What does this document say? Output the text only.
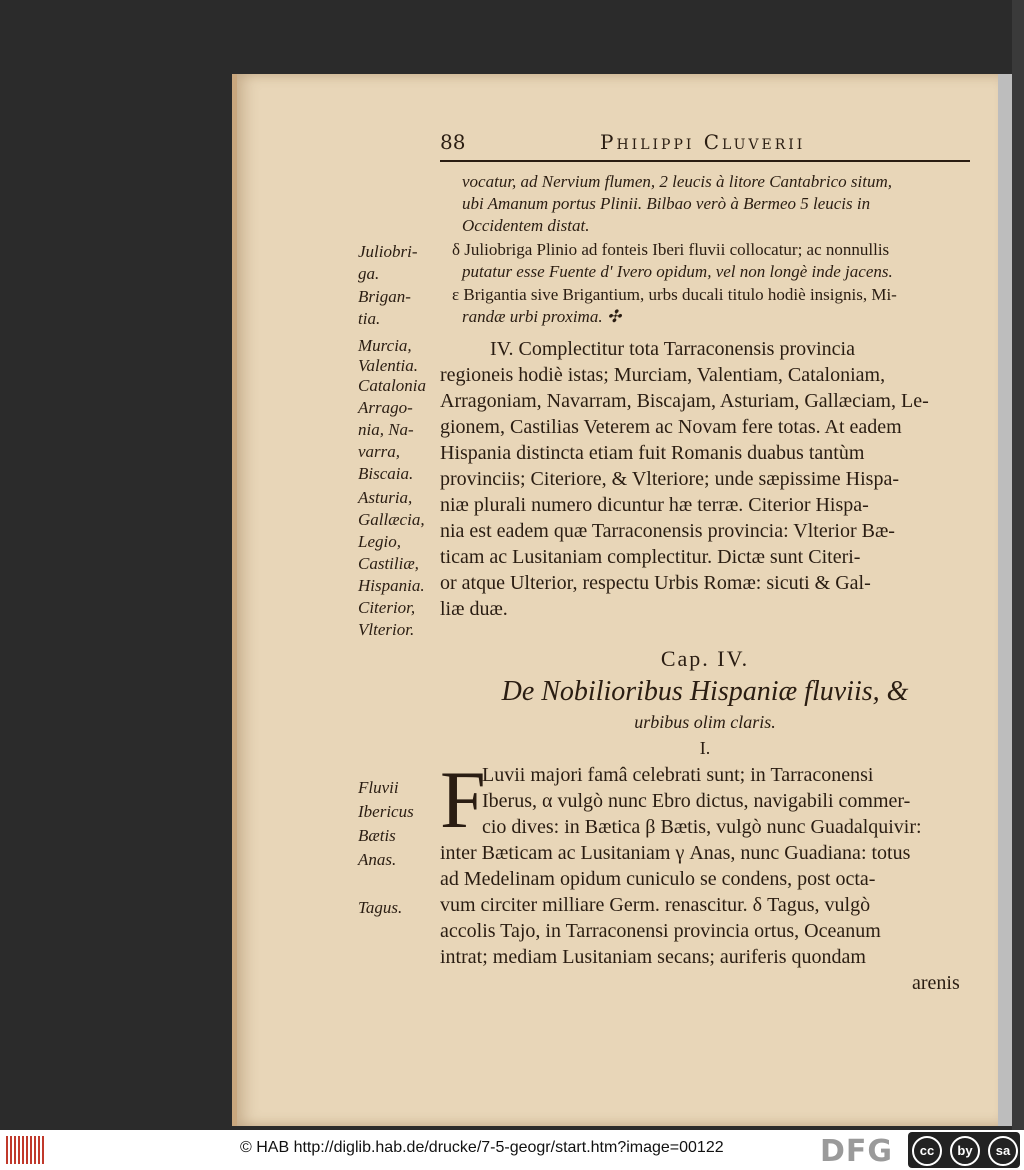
88	Philippi Cluverii
vocatur, ad Nervium flumen, 2 leucis à litore Cantabrico situm,
ubi Amanum portus Plinii. Bilbao verò à Bermeo 5 leucis in
Occidentem distat.
δ Juliobriga Plinio ad fonteis Iberi fluvii collocatur; ac nonnullis
putatur esse Fuente d' Ivero opidum, vel non longè inde jacens.
ε Brigantia sive Brigantium, urbs ducali titulo hodiè insignis, Mi-
randæ urbi proxima. ✣
Juliobri-
ga.
Brigan-
tia.
Murcia,
Valentia.
Catalonia
Arrago-
nia, Na-
varra,
Biscaia.
Asturia,
Gallæcia,
Legio,
Castiliæ,
Hispania.
Citerior,
Vlterior.
IV. Complectitur tota Tarraconensis provincia
regioneis hodiè istas; Murciam, Valentiam, Cataloniam,
Arragoniam, Navarram, Biscajam, Asturiam, Gallæciam, Le-
gionem, Castilias Veterem ac Novam fere totas. At eadem
Hispania distincta etiam fuit Romanis duabus tantùm
provinciis; Citeriore, & Vlteriore; unde sæpissime Hispa-
niæ plurali numero dicuntur hæ terræ. Citerior Hispa-
nia est eadem quæ Tarraconensis provincia: Vlterior Bæ-
ticam ac Lusitaniam complectitur. Dictæ sunt Citeri-
or atque Ulterior, respectu Urbis Romæ: sicuti & Gal-
liæ duæ.
Cap. IV.
De Nobilioribus Hispaniæ fluviis, &
urbibus olim claris.
I.
F
Luvii majori famâ celebrati sunt; in Tarraconensi
Iberus, α vulgò nunc Ebro dictus, navigabili commer-
cio dives: in Bætica β Bætis, vulgò nunc Guadalquivir:
inter Bæticam ac Lusitaniam γ Anas, nunc Guadiana: totus
ad Medelinam opidum cuniculo se condens, post octa-
vum circiter milliare Germ. renascitur. δ Tagus, vulgò
accolis Tajo, in Tarraconensi provincia ortus, Oceanum
intrat; mediam Lusitaniam secans; auriferis quondam
arenis
Fluvii
Ibericus
Bætis
Anas.
Tagus.
© HAB http://diglib.hab.de/drucke/7-5-geogr/start.htm?image=00122	DFG	cc	by	sa
